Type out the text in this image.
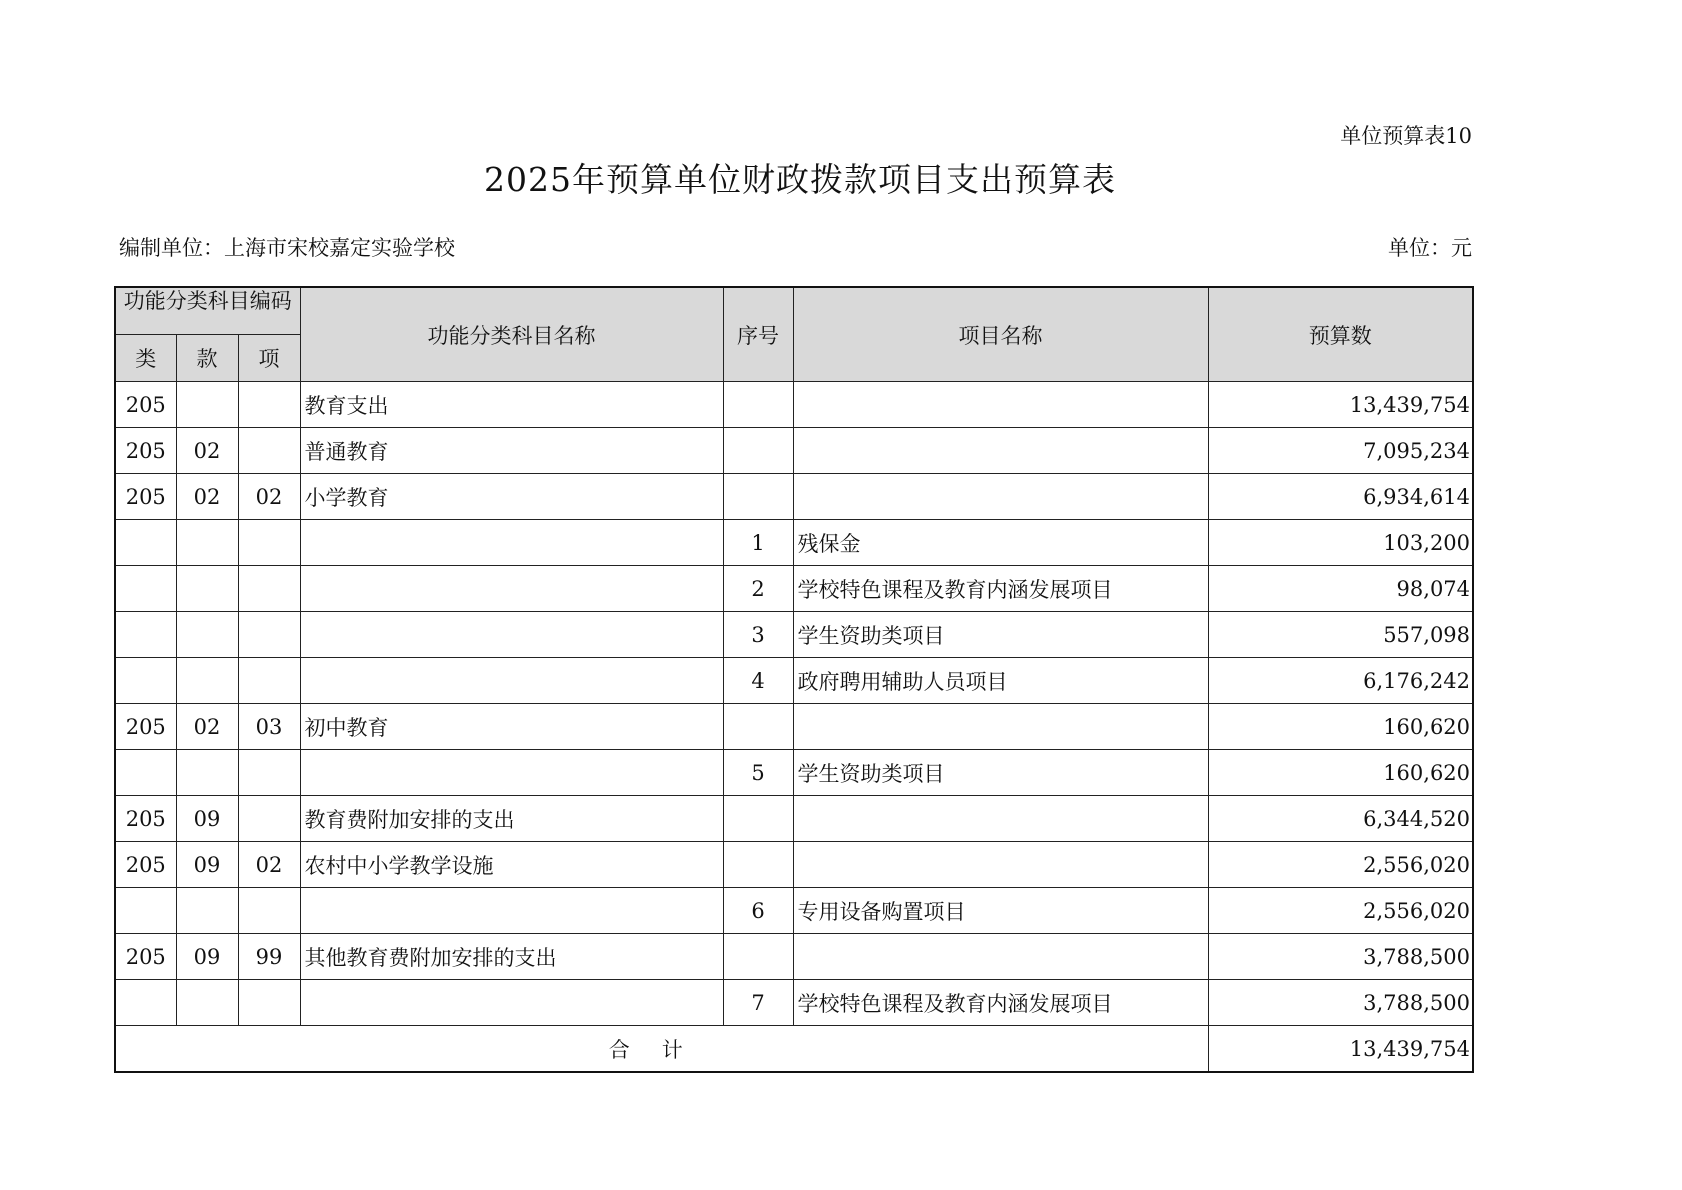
单位预算表10
2025年预算单位财政拨款项目支出预算表
编制单位：上海市宋校嘉定实验学校	单位：元
功能分类科目编码			功能分类科目名称	序号	项目名称	预算数
类	款	项				
205			教育支出			13,439,754
205	02		普通教育			7,095,234
205	02	02	小学教育			6,934,614
				1	残保金	103,200
				2	学校特色课程及教育内涵发展项目	98,074
				3	学生资助类项目	557,098
				4	政府聘用辅助人员项目	6,176,242
205	02	03	初中教育			160,620
				5	学生资助类项目	160,620
205	09		教育费附加安排的支出			6,344,520
205	09	02	农村中小学教学设施			2,556,020
				6	专用设备购置项目	2,556,020
205	09	99	其他教育费附加安排的支出			3,788,500
				7	学校特色课程及教育内涵发展项目	3,788,500
合计						13,439,754
